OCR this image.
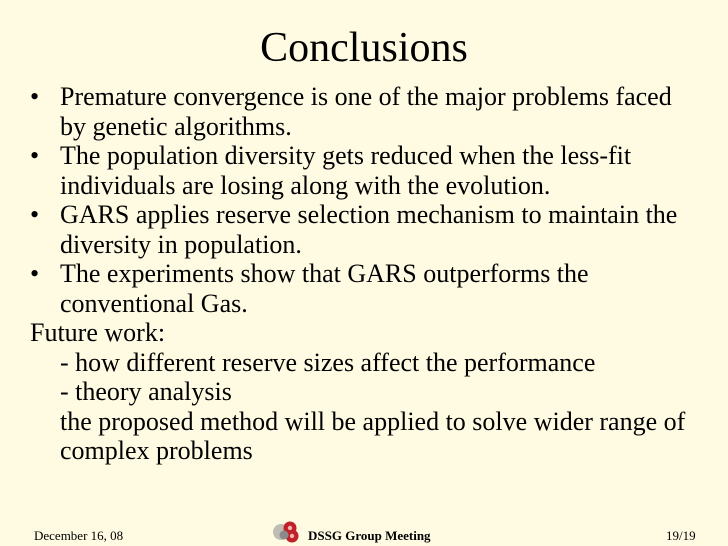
Conclusions
• Premature convergence is one of the major problems faced by genetic algorithms.
• The population diversity gets reduced when the less-fit individuals are losing along with the evolution.
• GARS applies reserve selection mechanism to maintain the diversity in population.
• The experiments show that GARS outperforms the conventional Gas.
Future work:
- how different reserve sizes affect the performance
- theory analysis
the proposed method will be applied to solve wider range of complex problems
December 16, 08	DSSG Group Meeting	19/19
